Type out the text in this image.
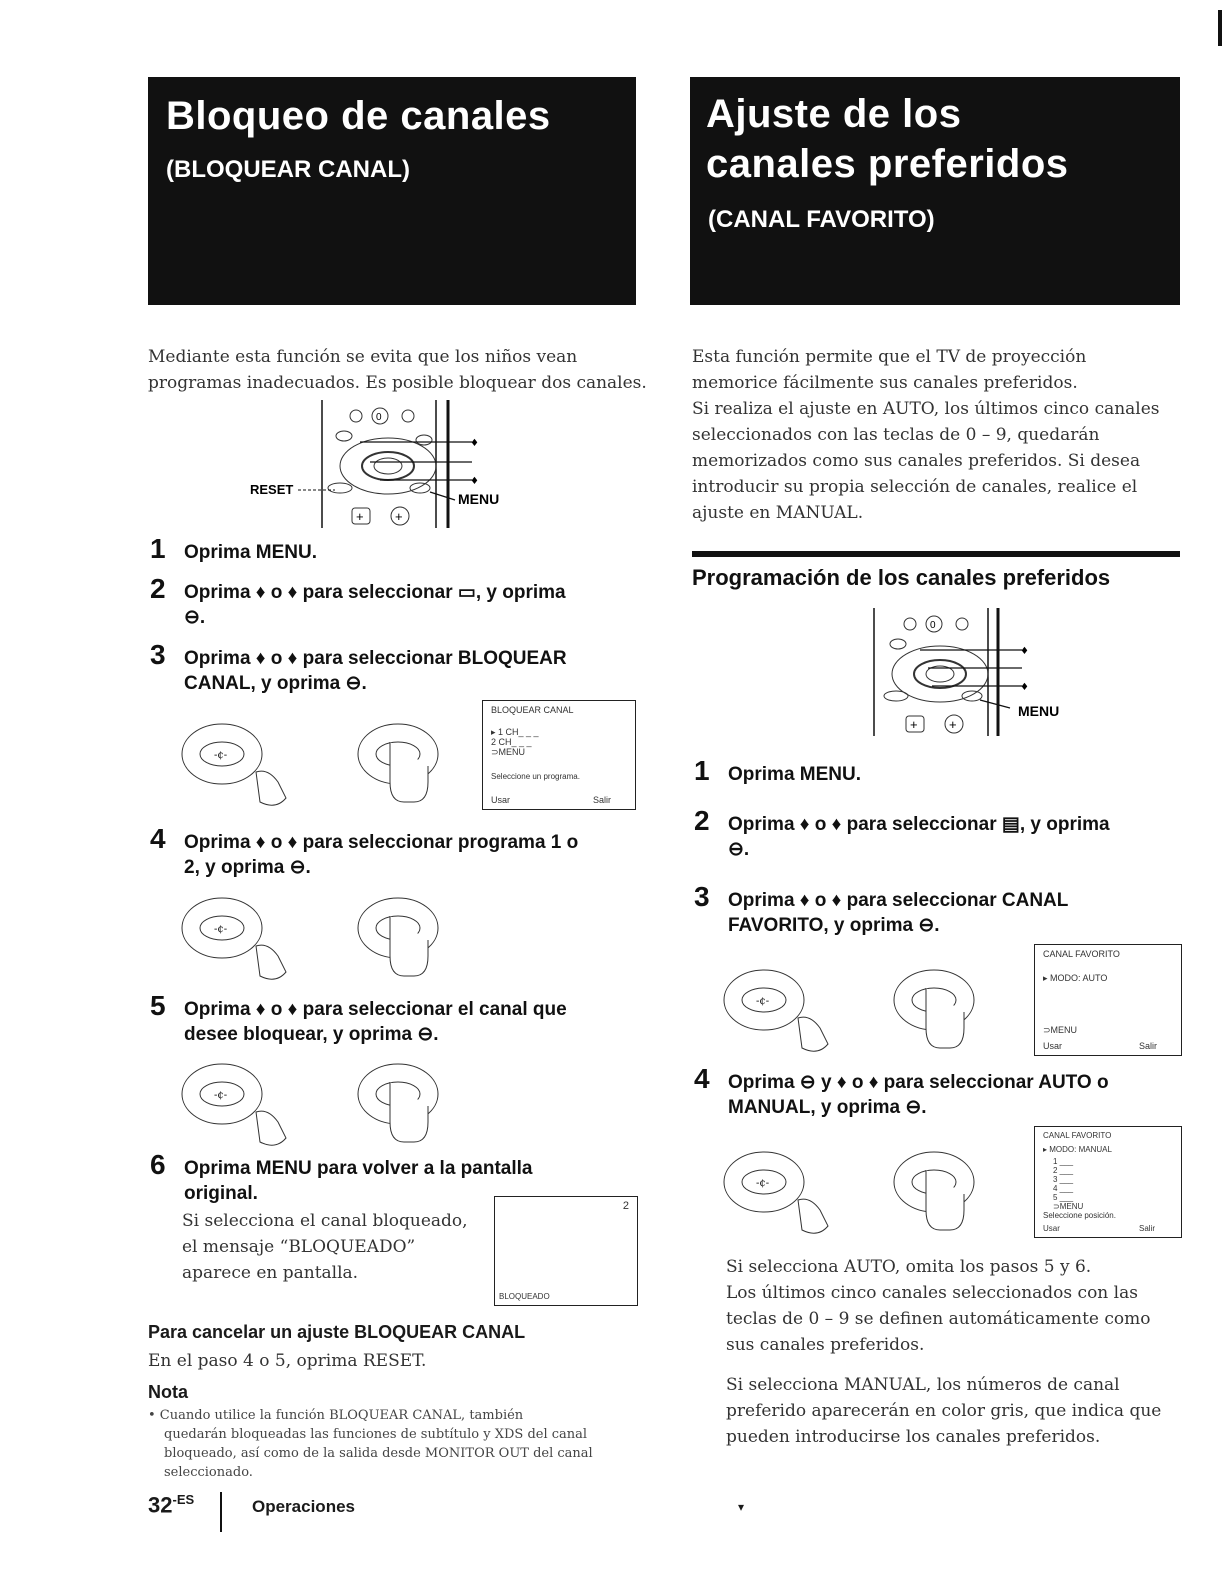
Bloqueo de canales
(BLOQUEAR CANAL)
Ajuste de los
canales preferidos
(CANAL FAVORITO)
Mediante esta función se evita que los niños vean
programas inadecuados. Es posible bloquear dos canales.
0
+ +
♦
♦
RESET
MENU
1 Oprima MENU.
2 Oprima ♦ o ♦ para seleccionar ▭, y oprima
⊖.
3 Oprima ♦ o ♦ para seleccionar BLOQUEAR
CANAL, y oprima ⊖.
-¢-
BLOQUEAR CANAL
▸ 1 CH_ _ _
2 CH_ _ _
⊃MENU
Seleccione un programa.
Usar	Salir
4 Oprima ♦ o ♦ para seleccionar programa 1 o
2, y oprima ⊖.
-¢-
5 Oprima ♦ o ♦ para seleccionar el canal que
desee bloquear, y oprima ⊖.
-¢-
6 Oprima MENU para volver a la pantalla
original.
Si selecciona el canal bloqueado,
el mensaje “BLOQUEADO”
aparece en pantalla.
2
BLOQUEADO
Para cancelar un ajuste BLOQUEAR CANAL
En el paso 4 o 5, oprima RESET.
Nota
• Cuando utilice la función BLOQUEAR CANAL, también
quedarán bloqueadas las funciones de subtítulo y XDS del canal
bloqueado, así como de la salida desde MONITOR OUT del canal
seleccionado.
$32^{-ES}$	Operaciones	▾
Esta función permite que el TV de proyección
memorice fácilmente sus canales preferidos.
Si realiza el ajuste en AUTO, los últimos cinco canales
seleccionados con las teclas de 0 – 9, quedarán
memorizados como sus canales preferidos. Si desea
introducir su propia selección de canales, realice el
ajuste en MANUAL.
Programación de los canales preferidos
0
+ +
♦
♦
MENU
1 Oprima MENU.
2 Oprima ♦ o ♦ para seleccionar ▤, y oprima
⊖.
3 Oprima ♦ o ♦ para seleccionar CANAL
FAVORITO, y oprima ⊖.
-¢-
CANAL FAVORITO
▸ MODO: AUTO
⊃MENU
Usar	Salir
4 Oprima ⊖ y ♦ o ♦ para seleccionar AUTO o
MANUAL, y oprima ⊖.
-¢-
CANAL FAVORITO
▸ MODO: MANUAL
1 ___
2 ___
3 ___
4 ___
5 ___
⊃MENU
Seleccione posición.
Usar	Salir
Si selecciona AUTO, omita los pasos 5 y 6.
Los últimos cinco canales seleccionados con las
teclas de 0 – 9 se definen automáticamente como
sus canales preferidos.
Si selecciona MANUAL, los números de canal
preferido aparecerán en color gris, que indica que
pueden introducirse los canales preferidos.
